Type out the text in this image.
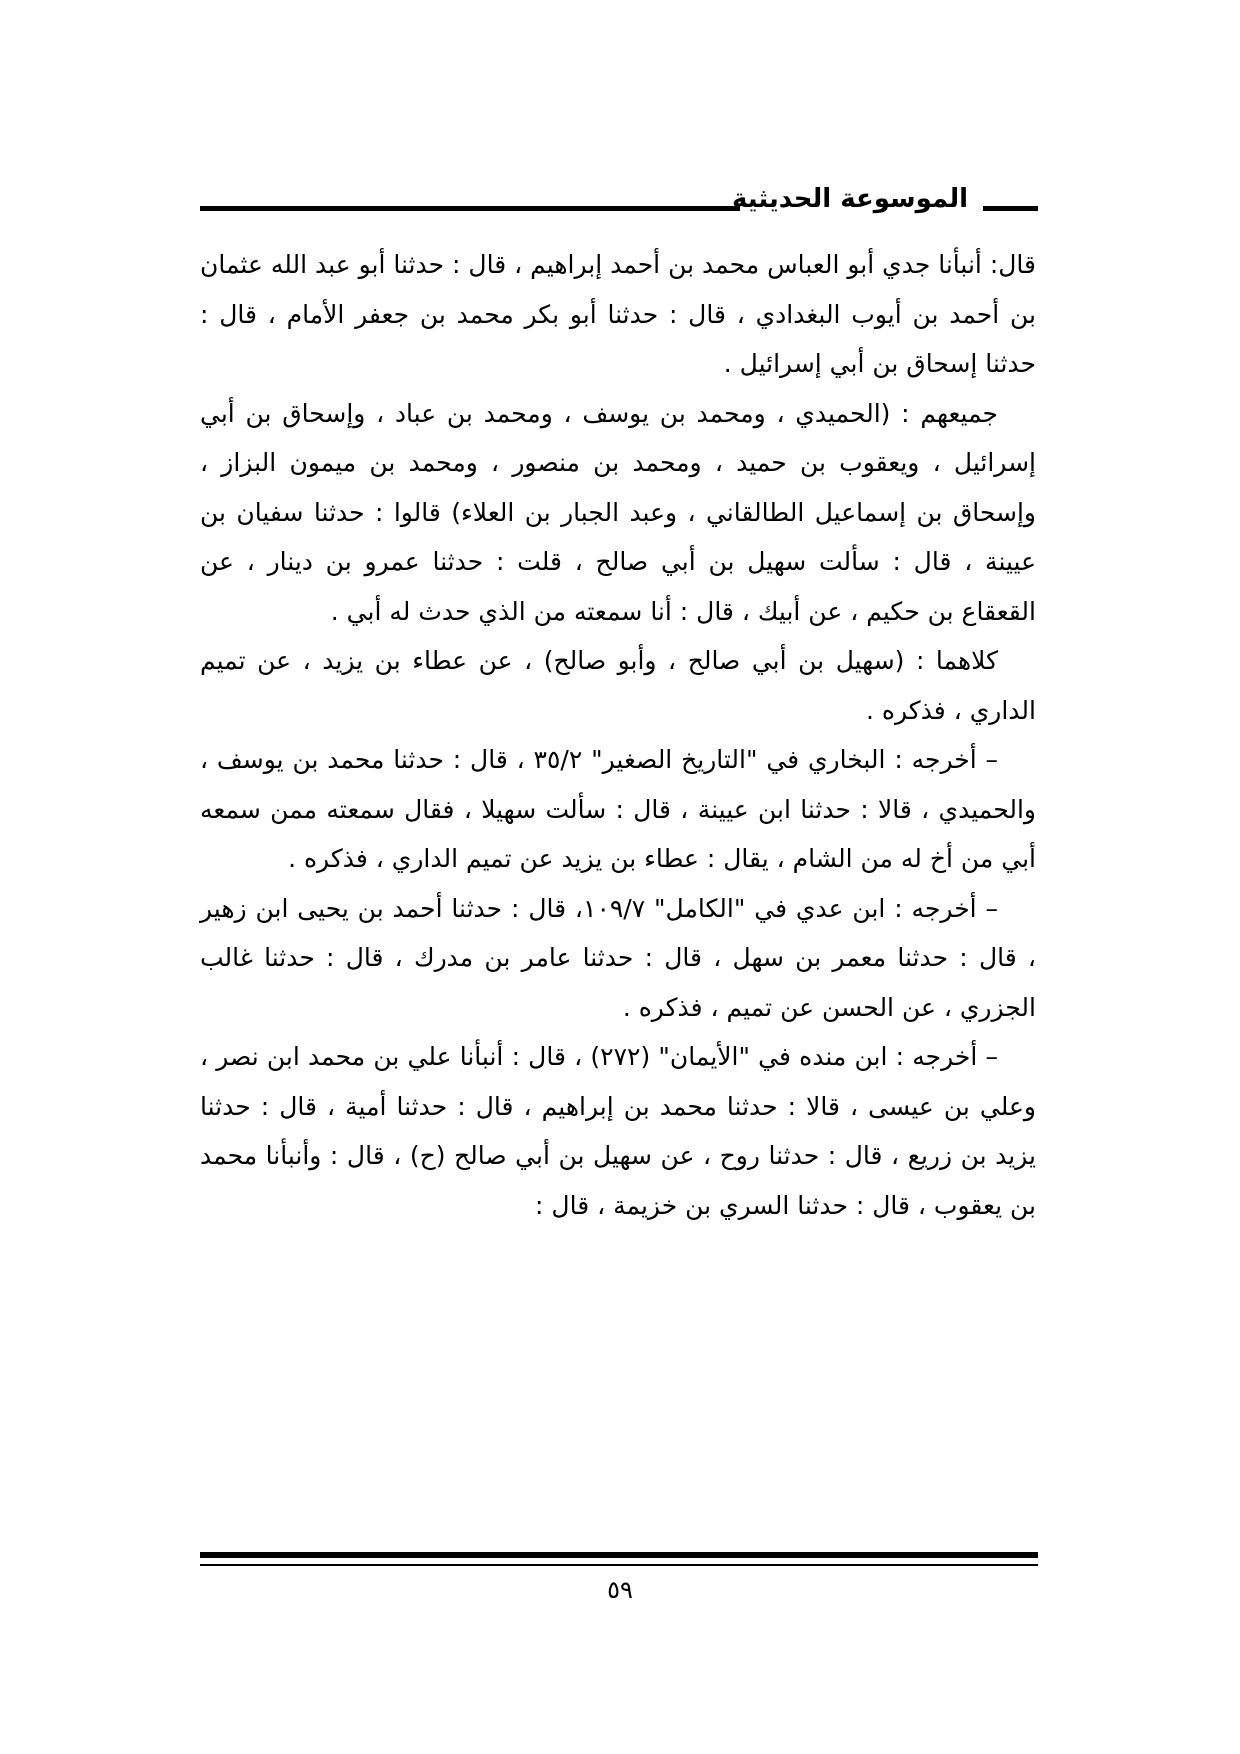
الموسوعة الحديثية

قال: أنبأنا جدي أبو العباس محمد بن أحمد إبراهيم ، قال : حدثنا أبو عبد الله عثمان بن أحمد بن أيوب البغدادي ، قال : حدثنا أبو بكر محمد بن جعفر الأمام ، قال : حدثنا إسحاق بن أبي إسرائيل .

جميعهم : (الحميدي ، ومحمد بن يوسف ، ومحمد بن عباد ، وإسحاق بن أبي إسرائيل ، ويعقوب بن حميد ، ومحمد بن منصور ، ومحمد بن ميمون البزاز ، وإسحاق بن إسماعيل الطالقاني ، وعبد الجبار بن العلاء) قالوا : حدثنا سفيان بن عيينة ، قال : سألت سهيل بن أبي صالح ، قلت : حدثنا عمرو بن دينار ، عن القعقاع بن حكيم ، عن أبيك ، قال : أنا سمعته من الذي حدث له أبي .

كلاهما : (سهيل بن أبي صالح ، وأبو صالح) ، عن عطاء بن يزيد ، عن تميم الداري ، فذكره .

– أخرجه : البخاري في "التاريخ الصغير" ٣٥/٢ ، قال : حدثنا محمد بن يوسف ، والحميدي ، قالا : حدثنا ابن عيينة ، قال : سألت سهيلا ، فقال سمعته ممن سمعه أبي من أخ له من الشام ، يقال : عطاء بن يزيد عن تميم الداري ، فذكره .

– أخرجه : ابن عدي في "الكامل" ١٠٩/٧، قال : حدثنا أحمد بن يحيى ابن زهير ، قال : حدثنا معمر بن سهل ، قال : حدثنا عامر بن مدرك ، قال : حدثنا غالب الجزري ، عن الحسن عن تميم ، فذكره .

– أخرجه : ابن منده في "الأيمان" (٢٧٢) ، قال : أنبأنا علي بن محمد ابن نصر ، وعلي بن عيسى ، قالا : حدثنا محمد بن إبراهيم ، قال : حدثنا أمية ، قال : حدثنا يزيد بن زريع ، قال : حدثنا روح ، عن سهيل بن أبي صالح (ح) ، قال : وأنبأنا محمد بن يعقوب ، قال : حدثنا السري بن خزيمة ، قال :

٥٩
